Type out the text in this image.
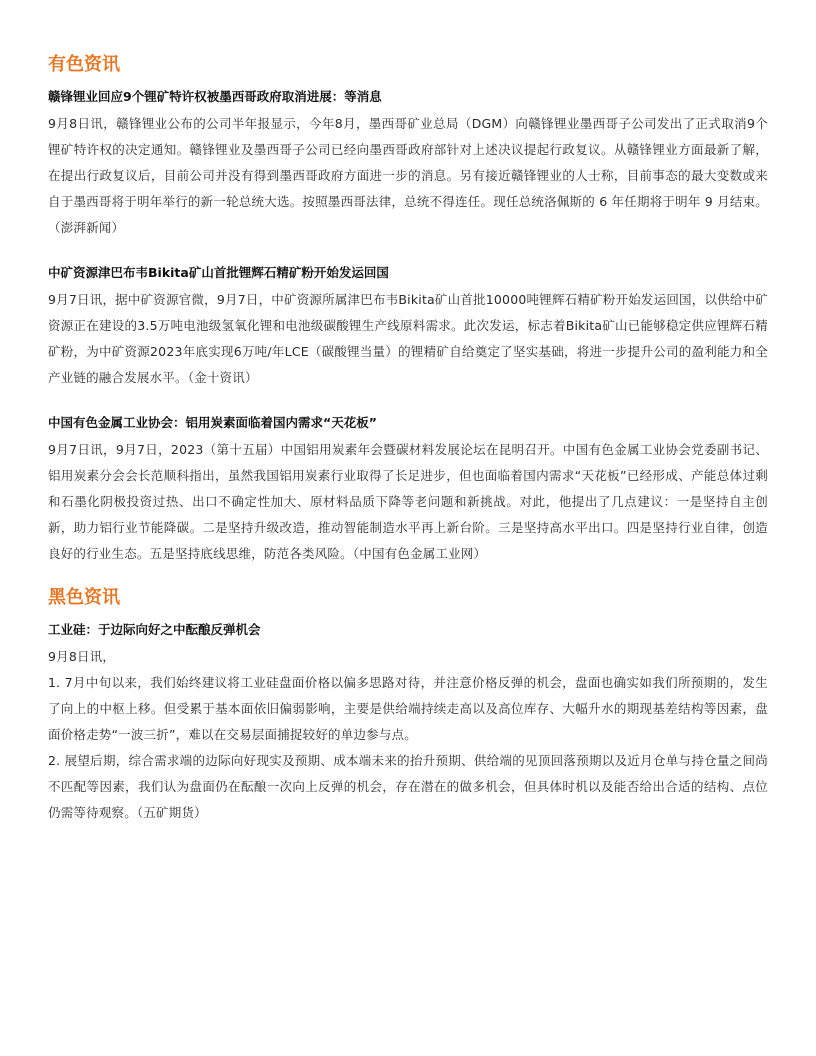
有色资讯
赣锋锂业回应9个锂矿特许权被墨西哥政府取消进展：等消息

9月8日讯，赣锋锂业公布的公司半年报显示，今年8月，墨西哥矿业总局（DGM）向赣锋锂业墨西哥子公司发出了正式取消9个锂矿特许权的决定通知。赣锋锂业及墨西哥子公司已经向墨西哥政府部针对上述决议提起行政复议。从赣锋锂业方面最新了解，在提出行政复议后，目前公司并没有得到墨西哥政府方面进一步的消息。另有接近赣锋锂业的人士称，目前事态的最大变数或来自于墨西哥将于明年举行的新一轮总统大选。按照墨西哥法律，总统不得连任。现任总统洛佩斯的 6 年任期将于明年 9 月结束。 （澎湃新闻）

中矿资源津巴布韦Bikita矿山首批锂辉石精矿粉开始发运回国

9月7日讯，据中矿资源官微，9月7日，中矿资源所属津巴布韦Bikita矿山首批10000吨锂辉石精矿粉开始发运回国，以供给中矿资源正在建设的3.5万吨电池级氢氧化锂和电池级碳酸锂生产线原料需求。此次发运，标志着Bikita矿山已能够稳定供应锂辉石精矿粉，为中矿资源2023年底实现6万吨/年LCE（碳酸锂当量）的锂精矿自给奠定了坚实基础，将进一步提升公司的盈利能力和全产业链的融合发展水平。（金十资讯）

中国有色金属工业协会：铝用炭素面临着国内需求“天花板”

9月7日讯，9月7日，2023（第十五届）中国铝用炭素年会暨碳材料发展论坛在昆明召开。中国有色金属工业协会党委副书记、铝用炭素分会会长范顺科指出，虽然我国铝用炭素行业取得了长足进步，但也面临着国内需求“天花板”已经形成、产能总体过剩和石墨化阴极投资过热、出口不确定性加大、原材料品质下降等老问题和新挑战。对此，他提出了几点建议：一是坚持自主创新，助力铝行业节能降碳。二是坚持升级改造，推动智能制造水平再上新台阶。三是坚持高水平出口。四是坚持行业自律，创造良好的行业生态。五是坚持底线思维，防范各类风险。（中国有色金属工业网）

黑色资讯
工业硅：于边际向好之中酝酿反弹机会

9月8日讯，

1. 7月中旬以来，我们始终建议将工业硅盘面价格以偏多思路对待，并注意价格反弹的机会，盘面也确实如我们所预期的，发生了向上的中枢上移。但受累于基本面依旧偏弱影响，主要是供给端持续走高以及高位库存、大幅升水的期现基差结构等因素，盘面价格走势“一波三折”，难以在交易层面捕捉较好的单边参与点。

2. 展望后期，综合需求端的边际向好现实及预期、成本端未来的抬升预期、供给端的见顶回落预期以及近月仓单与持仓量之间尚不匹配等因素，我们认为盘面仍在酝酿一次向上反弹的机会，存在潜在的做多机会，但具体时机以及能否给出合适的结构、点位仍需等待观察。（五矿期货）
